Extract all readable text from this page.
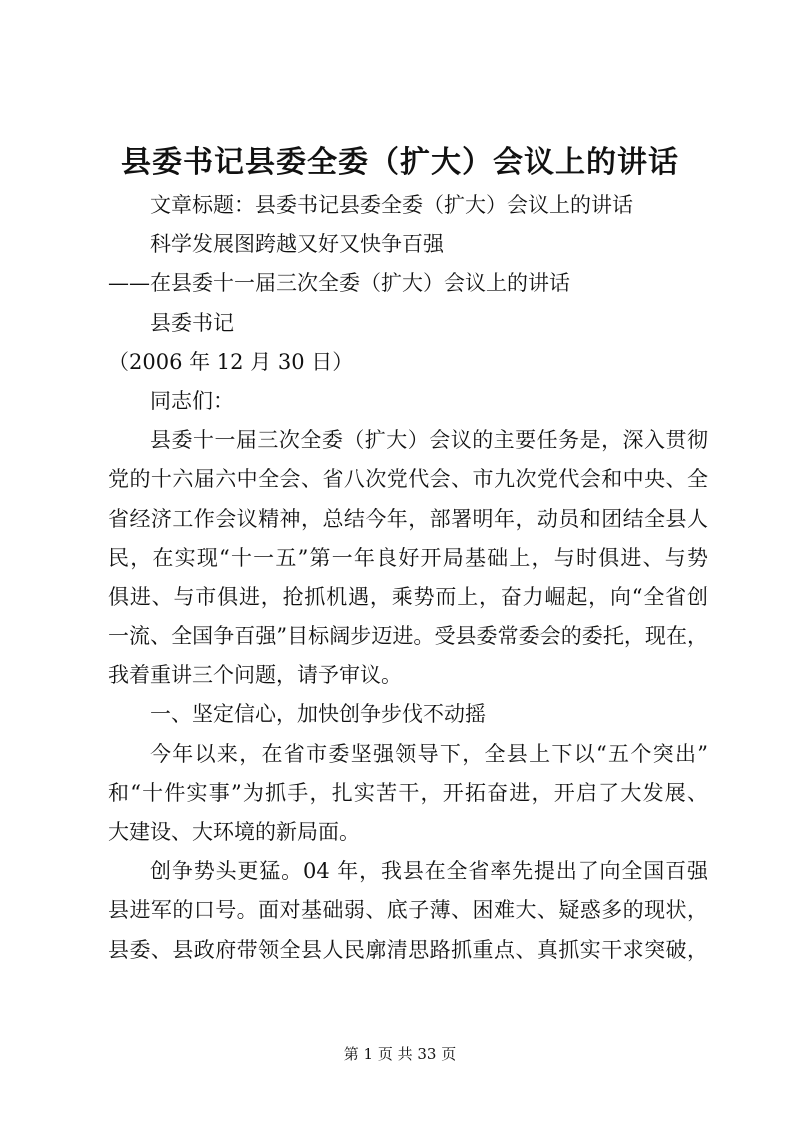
县委书记县委全委（扩大）会议上的讲话
文章标题：县委书记县委全委（扩大）会议上的讲话
科学发展图跨越又好又快争百强
——在县委十一届三次全委（扩大）会议上的讲话
县委书记
（2006 年 12 月 30 日）
同志们：
县委十一届三次全委（扩大）会议的主要任务是，深入贯彻
党的十六届六中全会、省八次党代会、市九次党代会和中央、全
省经济工作会议精神，总结今年，部署明年，动员和团结全县人
民，在实现“十一五”第一年良好开局基础上，与时俱进、与势
俱进、与市俱进，抢抓机遇，乘势而上，奋力崛起，向“全省创
一流、全国争百强”目标阔步迈进。受县委常委会的委托，现在，
我着重讲三个问题，请予审议。
一、坚定信心，加快创争步伐不动摇
今年以来，在省市委坚强领导下，全县上下以“五个突出”
和“十件实事”为抓手，扎实苦干，开拓奋进，开启了大发展、
大建设、大环境的新局面。
创争势头更猛。04 年，我县在全省率先提出了向全国百强
县进军的口号。面对基础弱、底子薄、困难大、疑惑多的现状，
县委、县政府带领全县人民廓清思路抓重点、真抓实干求突破，
第 1 页 共 33 页
